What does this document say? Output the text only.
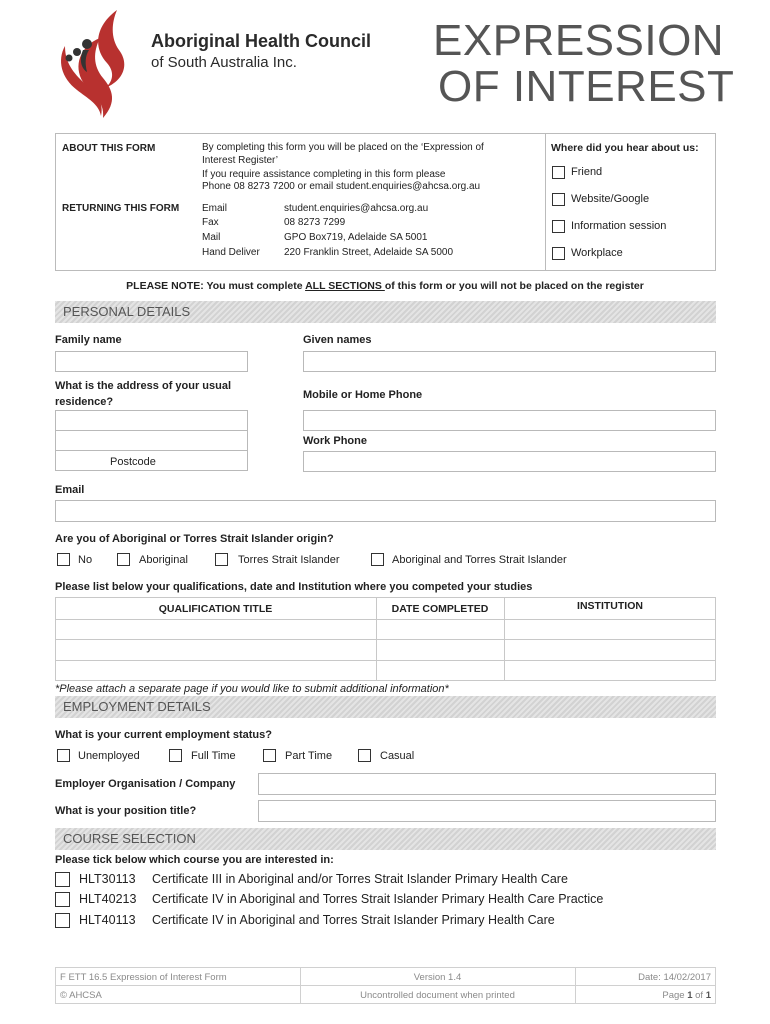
Aboriginal Health Council
of South Australia Inc.	EXPRESSION
OF INTEREST
ABOUT THIS FORM	By completing this form you will be placed on the ‘Expression of
Interest Register’
If you require assistance completing in this form please
Phone 08 8273 7200 or email student.enquiries@ahcsa.org.au
RETURNING THIS FORM Email	student.enquiries@ahcsa.org.au
Fax	08 8273 7299
Mail	GPO Box719, Adelaide SA 5001
Hand Deliver 220 Franklin Street, Adelaide SA 5000
Where did you hear about us:
Friend
Website/Google
Information session
Workplace
PLEASE NOTE: You must complete ALL SECTIONS of this form or you will not be placed on the register
PERSONAL DETAILS
Family name	Given names
What is the address of your usual
residence?
Postcode
Mobile or Home Phone
Work Phone
Email
Are you of Aboriginal or Torres Strait Islander origin?
No	Aboriginal	Torres Strait Islander	Aboriginal and Torres Strait Islander
Please list below your qualifications, date and Institution where you competed your studies
QUALIFICATION TITLE	DATE COMPLETED	INSTITUTION
*Please attach a separate page if you would like to submit additional information*
EMPLOYMENT DETAILS
What is your current employment status?
Unemployed	Full Time	Part Time	Casual
Employer Organisation / Company
What is your position title?
COURSE SELECTION
Please tick below which course you are interested in:
HLT30113 Certificate III in Aboriginal and/or Torres Strait Islander Primary Health Care
HLT40213 Certificate IV in Aboriginal and Torres Strait Islander Primary Health Care Practice
HLT40113 Certificate IV in Aboriginal and Torres Strait Islander Primary Health Care
F ETT 16.5 Expression of Interest Form
© AHCSA
Version 1.4
Uncontrolled document when printed
Date: 14/02/2017
Page 1 of 1
